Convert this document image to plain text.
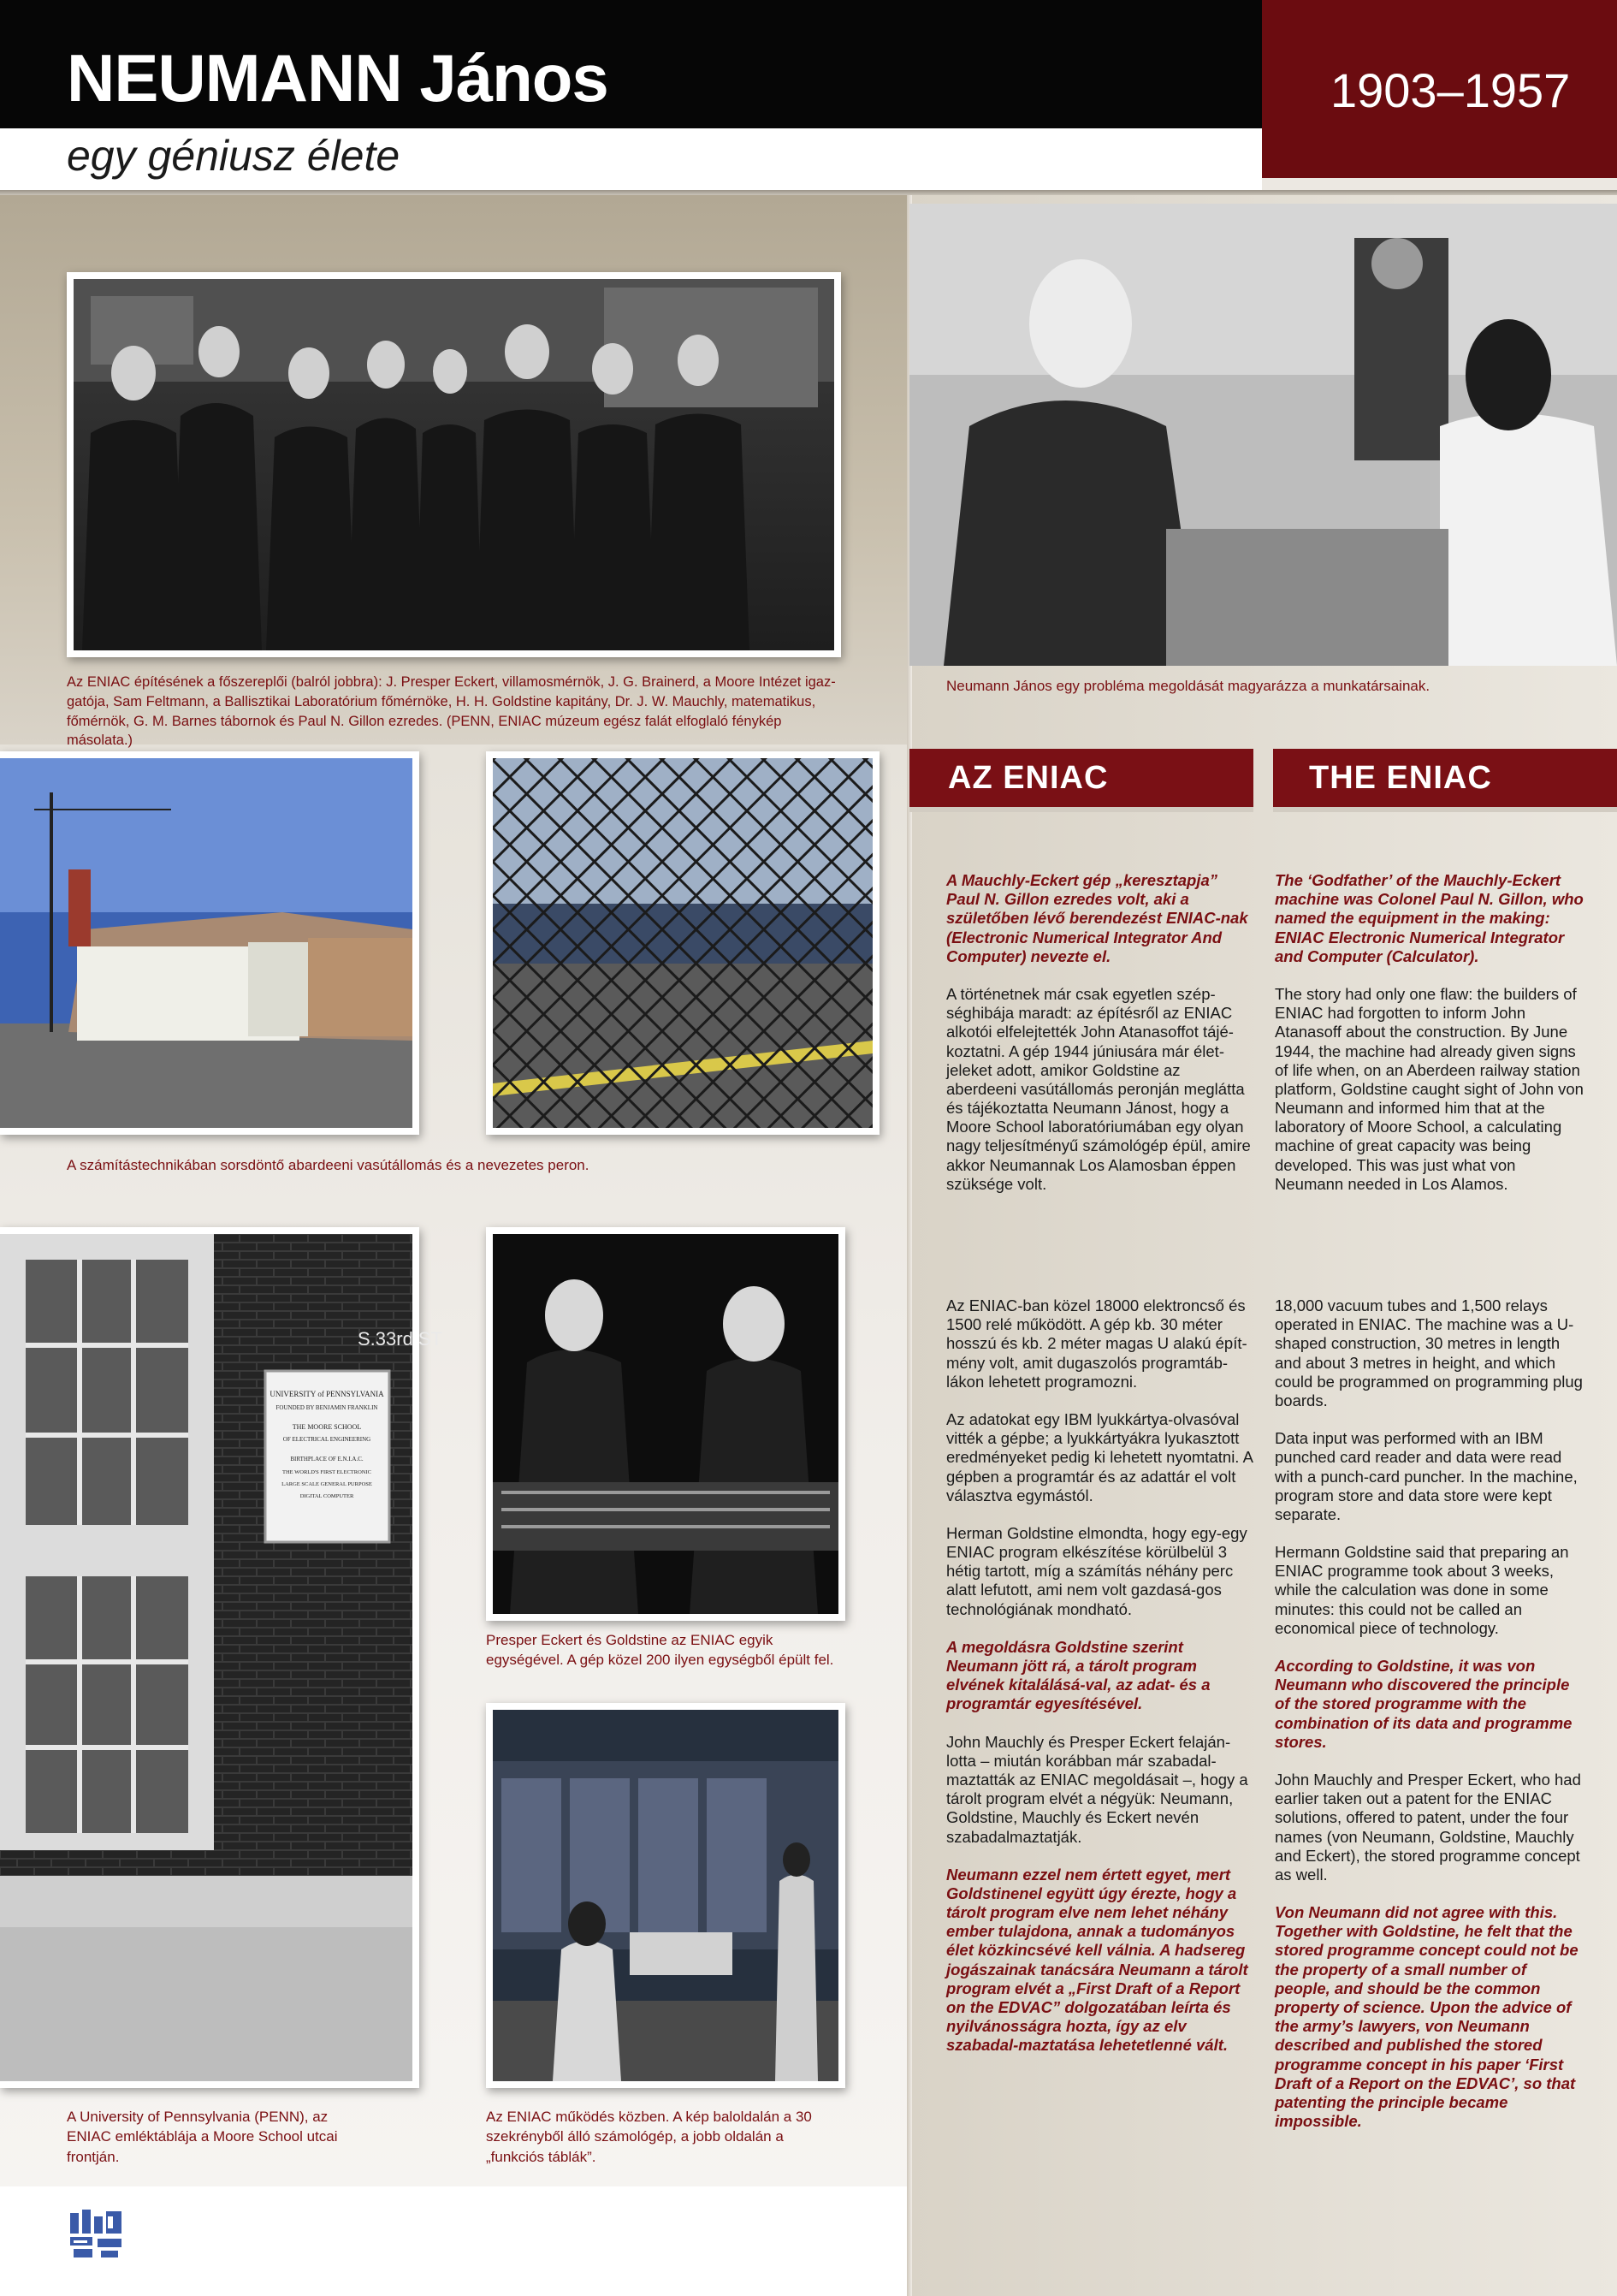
NEUMANN János
egy géniusz élete
1903–1957
Az ENIAC építésének a főszereplői (balról jobbra): J. Presper Eckert, villamosmérnök, J. G. Brainerd, a Moore Intézet igaz-gatója, Sam Feltmann, a Ballisztikai Laboratórium főmérnöke, H. H. Goldstine kapitány, Dr. J. W. Mauchly, matematikus, főmérnök, G. M. Barnes tábornok és Paul N. Gillon ezredes. (PENN, ENIAC múzeum egész falát elfoglaló fénykép másolata.)
Neumann János egy probléma megoldását magyarázza a munkatársainak.
A számítástechnikában sorsdöntő abardeeni vasútállomás és a nevezetes peron.
S.33rd ST
UNIVERSITY of PENNSYLVANIA
FOUNDED BY BENJAMIN FRANKLIN
THE MOORE SCHOOL
OF ELECTRICAL ENGINEERING
BIRTHPLACE OF E.N.I.A.C.
THE WORLD'S FIRST ELECTRONIC
LARGE SCALE GENERAL PURPOSE
DIGITAL COMPUTER
A University of Pennsylvania (PENN), az ENIAC emléktáblája a Moore School utcai frontján.
Presper Eckert és Goldstine az ENIAC egyik egységével. A gép közel 200 ilyen egységből épült fel.
Az ENIAC működés közben. A kép baloldalán a 30 szekrényből álló számológép, a jobb oldalán a „funkciós táblák”.
AZ ENIAC	THE ENIAC

A Mauchly-Eckert gép „keresztapja” Paul N. Gillon ezredes volt, aki a születőben lévő berendezést ENIAC-nak (Electronic Numerical Integrator And Computer) nevezte el.

A történetnek már csak egyetlen szép-séghibája maradt: az építésről az ENIAC alkotói elfelejtették John Atanasoffot tájé-koztatni. A gép 1944 júniusára már élet-jeleket adott, amikor Goldstine az aberdeeni vasútállomás peronján meglátta és tájékoztatta Neumann Jánost, hogy a Moore School laboratóriumában egy olyan nagy teljesítményű számológép épül, amire akkor Neumannak Los Alamosban éppen szüksége volt.

Az ENIAC-ban közel 18000 elektroncső és 1500 relé működött. A gép kb. 30 méter hosszú és kb. 2 méter magas U alakú épít-mény volt, amit dugaszolós programtáb-lákon lehetett programozni.

Az adatokat egy IBM lyukkártya-olvasóval vitték a gépbe; a lyukkártyákra lyukasztott eredményeket pedig ki lehetett nyomtatni. A gépben a programtár és az adattár el volt választva egymástól.

Herman Goldstine elmondta, hogy egy-egy ENIAC program elkészítése körülbelül 3 hétig tartott, míg a számítás néhány perc alatt lefutott, ami nem volt gazdasá-gos technológiának mondható.

A megoldásra Goldstine szerint Neumann jött rá, a tárolt program elvének kitalálásá-val, az adat- és a programtár egyesítésével.

John Mauchly és Presper Eckert felaján-lotta – miután korábban már szabadal-maztatták az ENIAC megoldásait –, hogy a tárolt program elvét a négyük: Neumann, Goldstine, Mauchly és Eckert nevén szabadalmaztatják.

Neumann ezzel nem értett egyet, mert Goldstinenel együtt úgy érezte, hogy a tárolt program elve nem lehet néhány ember tulajdona, annak a tudományos élet közkincsévé kell válnia. A hadsereg jogászainak tanácsára Neumann a tárolt program elvét a „First Draft of a Report on the EDVAC” dolgozatában leírta és nyilvánosságra hozta, így az elv szabadal-maztatása lehetetlenné vált.

The ‘Godfather’ of the Mauchly-Eckert machine was Colonel Paul N. Gillon, who named the equipment in the making: ENIAC Electronic Numerical Integrator and Computer (Calculator).

The story had only one flaw: the builders of ENIAC had forgotten to inform John Atanasoff about the construction. By June 1944, the machine had already given signs of life when, on an Aberdeen railway station platform, Goldstine caught sight of John von Neumann and informed him that at the laboratory of Moore School, a calculating machine of great capacity was being developed. This was just what von Neumann needed in Los Alamos.

18,000 vacuum tubes and 1,500 relays operated in ENIAC. The machine was a U-shaped construction, 30 metres in length and about 3 metres in height, and which could be programmed on programming plug boards.

Data input was performed with an IBM punched card reader and data were read with a punch-card puncher. In the machine, program store and data store were kept separate.

Hermann Goldstine said that preparing an ENIAC programme took about 3 weeks, while the calculation was done in some minutes: this could not be called an economical piece of technology.

According to Goldstine, it was von Neumann who discovered the principle of the stored programme with the combination of its data and programme stores.

John Mauchly and Presper Eckert, who had earlier taken out a patent for the ENIAC solutions, offered to patent, under the four names (von Neumann, Goldstine, Mauchly and Eckert), the stored programme concept as well.

Von Neumann did not agree with this. Together with Goldstine, he felt that the stored programme concept could not be the property of a small number of people, and should be the common property of science. Upon the advice of the army’s lawyers, von Neumann described and published the stored programme concept in his paper ‘First Draft of a Report on the EDVAC’, so that patenting the principle became impossible.
